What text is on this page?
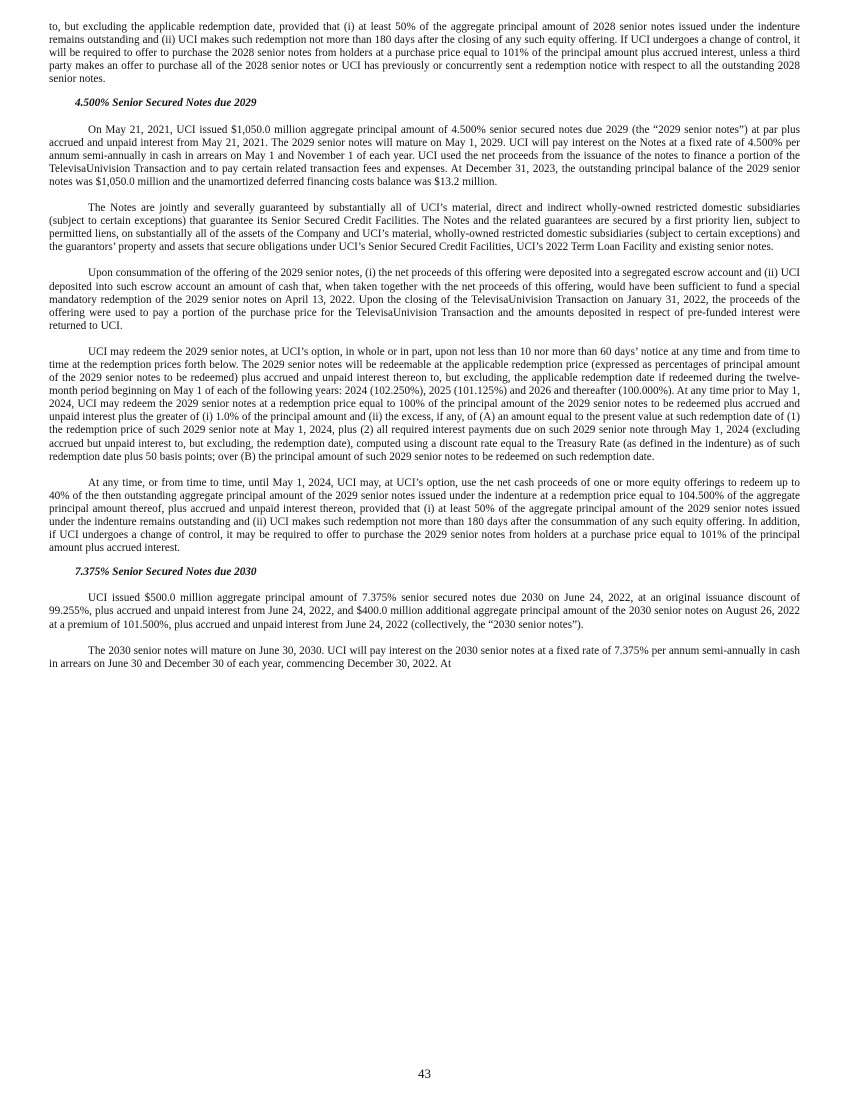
to, but excluding the applicable redemption date, provided that (i) at least 50% of the aggregate principal amount of 2028 senior notes issued under the indenture remains outstanding and (ii) UCI makes such redemption not more than 180 days after the closing of any such equity offering. If UCI undergoes a change of control, it will be required to offer to purchase the 2028 senior notes from holders at a purchase price equal to 101% of the principal amount plus accrued interest, unless a third party makes an offer to purchase all of the 2028 senior notes or UCI has previously or concurrently sent a redemption notice with respect to all the outstanding 2028 senior notes.

4.500% Senior Secured Notes due 2029

On May 21, 2021, UCI issued $1,050.0 million aggregate principal amount of 4.500% senior secured notes due 2029 (the “2029 senior notes”) at par plus accrued and unpaid interest from May 21, 2021. The 2029 senior notes will mature on May 1, 2029. UCI will pay interest on the Notes at a fixed rate of 4.500% per annum semi-annually in cash in arrears on May 1 and November 1 of each year. UCI used the net proceeds from the issuance of the notes to finance a portion of the TelevisaUnivision Transaction and to pay certain related transaction fees and expenses. At December 31, 2023, the outstanding principal balance of the 2029 senior notes was $1,050.0 million and the unamortized deferred financing costs balance was $13.2 million.

The Notes are jointly and severally guaranteed by substantially all of UCI’s material, direct and indirect wholly-owned restricted domestic subsidiaries (subject to certain exceptions) that guarantee its Senior Secured Credit Facilities. The Notes and the related guarantees are secured by a first priority lien, subject to permitted liens, on substantially all of the assets of the Company and UCI’s material, wholly-owned restricted domestic subsidiaries (subject to certain exceptions) and the guarantors’ property and assets that secure obligations under UCI’s Senior Secured Credit Facilities, UCI’s 2022 Term Loan Facility and existing senior notes.

Upon consummation of the offering of the 2029 senior notes, (i) the net proceeds of this offering were deposited into a segregated escrow account and (ii) UCI deposited into such escrow account an amount of cash that, when taken together with the net proceeds of this offering, would have been sufficient to fund a special mandatory redemption of the 2029 senior notes on April 13, 2022. Upon the closing of the TelevisaUnivision Transaction on January 31, 2022, the proceeds of the offering were used to pay a portion of the purchase price for the TelevisaUnivision Transaction and the amounts deposited in respect of pre-funded interest were returned to UCI.

UCI may redeem the 2029 senior notes, at UCI’s option, in whole or in part, upon not less than 10 nor more than 60 days’ notice at any time and from time to time at the redemption prices forth below. The 2029 senior notes will be redeemable at the applicable redemption price (expressed as percentages of principal amount of the 2029 senior notes to be redeemed) plus accrued and unpaid interest thereon to, but excluding, the applicable redemption date if redeemed during the twelve-month period beginning on May 1 of each of the following years: 2024 (102.250%), 2025 (101.125%) and 2026 and thereafter (100.000%). At any time prior to May 1, 2024, UCI may redeem the 2029 senior notes at a redemption price equal to 100% of the principal amount of the 2029 senior notes to be redeemed plus accrued and unpaid interest plus the greater of (i) 1.0% of the principal amount and (ii) the excess, if any, of (A) an amount equal to the present value at such redemption date of (1) the redemption price of such 2029 senior note at May 1, 2024, plus (2) all required interest payments due on such 2029 senior note through May 1, 2024 (excluding accrued but unpaid interest to, but excluding, the redemption date), computed using a discount rate equal to the Treasury Rate (as defined in the indenture) as of such redemption date plus 50 basis points; over (B) the principal amount of such 2029 senior notes to be redeemed on such redemption date.

At any time, or from time to time, until May 1, 2024, UCI may, at UCI’s option, use the net cash proceeds of one or more equity offerings to redeem up to 40% of the then outstanding aggregate principal amount of the 2029 senior notes issued under the indenture at a redemption price equal to 104.500% of the aggregate principal amount thereof, plus accrued and unpaid interest thereon, provided that (i) at least 50% of the aggregate principal amount of the 2029 senior notes issued under the indenture remains outstanding and (ii) UCI makes such redemption not more than 180 days after the consummation of any such equity offering. In addition, if UCI undergoes a change of control, it may be required to offer to purchase the 2029 senior notes from holders at a purchase price equal to 101% of the principal amount plus accrued interest.

7.375% Senior Secured Notes due 2030

UCI issued $500.0 million aggregate principal amount of 7.375% senior secured notes due 2030 on June 24, 2022, at an original issuance discount of 99.255%, plus accrued and unpaid interest from June 24, 2022, and $400.0 million additional aggregate principal amount of the 2030 senior notes on August 26, 2022 at a premium of 101.500%, plus accrued and unpaid interest from June 24, 2022 (collectively, the “2030 senior notes”).

The 2030 senior notes will mature on June 30, 2030. UCI will pay interest on the 2030 senior notes at a fixed rate of 7.375% per annum semi-annually in cash in arrears on June 30 and December 30 of each year, commencing December 30, 2022. At

43
